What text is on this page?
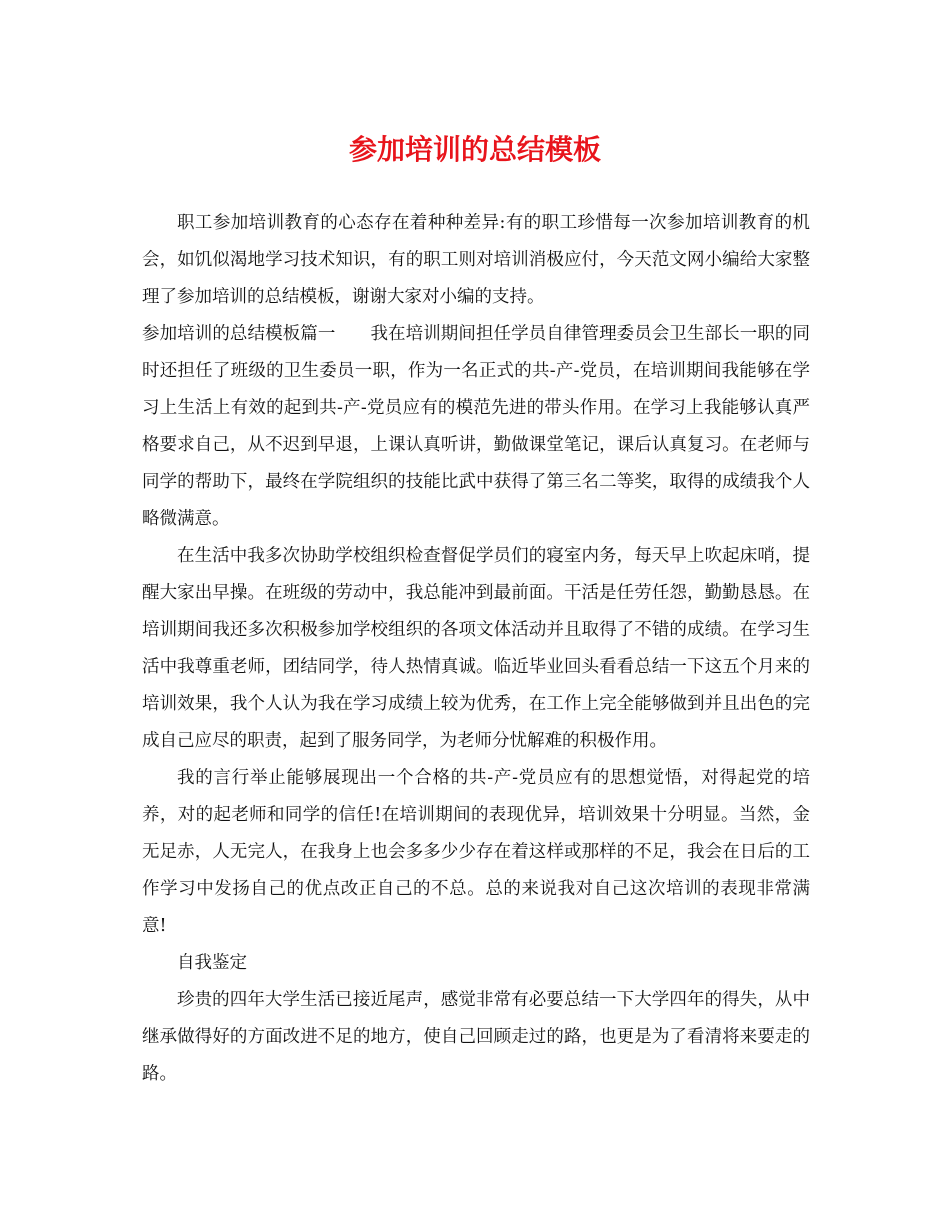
参加培训的总结模板

职工参加培训教育的心态存在着种种差异:有的职工珍惜每一次参加培训教育的机会，如饥似渴地学习技术知识，有的职工则对培训消极应付，今天范文网小编给大家整理了参加培训的总结模板，谢谢大家对小编的支持。

参加培训的总结模板篇一 我在培训期间担任学员自律管理委员会卫生部长一职的同时还担任了班级的卫生委员一职，作为一名正式的共-产-党员，在培训期间我能够在学习上生活上有效的起到共-产-党员应有的模范先进的带头作用。在学习上我能够认真严格要求自己，从不迟到早退，上课认真听讲，勤做课堂笔记，课后认真复习。在老师与同学的帮助下，最终在学院组织的技能比武中获得了第三名二等奖，取得的成绩我个人略微满意。

在生活中我多次协助学校组织检查督促学员们的寝室内务，每天早上吹起床哨，提醒大家出早操。在班级的劳动中，我总能冲到最前面。干活是任劳任怨，勤勤恳恳。在培训期间我还多次积极参加学校组织的各项文体活动并且取得了不错的成绩。在学习生活中我尊重老师，团结同学，待人热情真诚。临近毕业回头看看总结一下这五个月来的培训效果，我个人认为我在学习成绩上较为优秀，在工作上完全能够做到并且出色的完成自己应尽的职责，起到了服务同学，为老师分忧解难的积极作用。

我的言行举止能够展现出一个合格的共-产-党员应有的思想觉悟，对得起党的培养，对的起老师和同学的信任!在培训期间的表现优异，培训效果十分明显。当然，金无足赤，人无完人，在我身上也会多多少少存在着这样或那样的不足，我会在日后的工作学习中发扬自己的优点改正自己的不总。总的来说我对自己这次培训的表现非常满意!

自我鉴定

珍贵的四年大学生活已接近尾声，感觉非常有必要总结一下大学四年的得失，从中继承做得好的方面改进不足的地方，使自己回顾走过的路，也更是为了看清将来要走的路。
